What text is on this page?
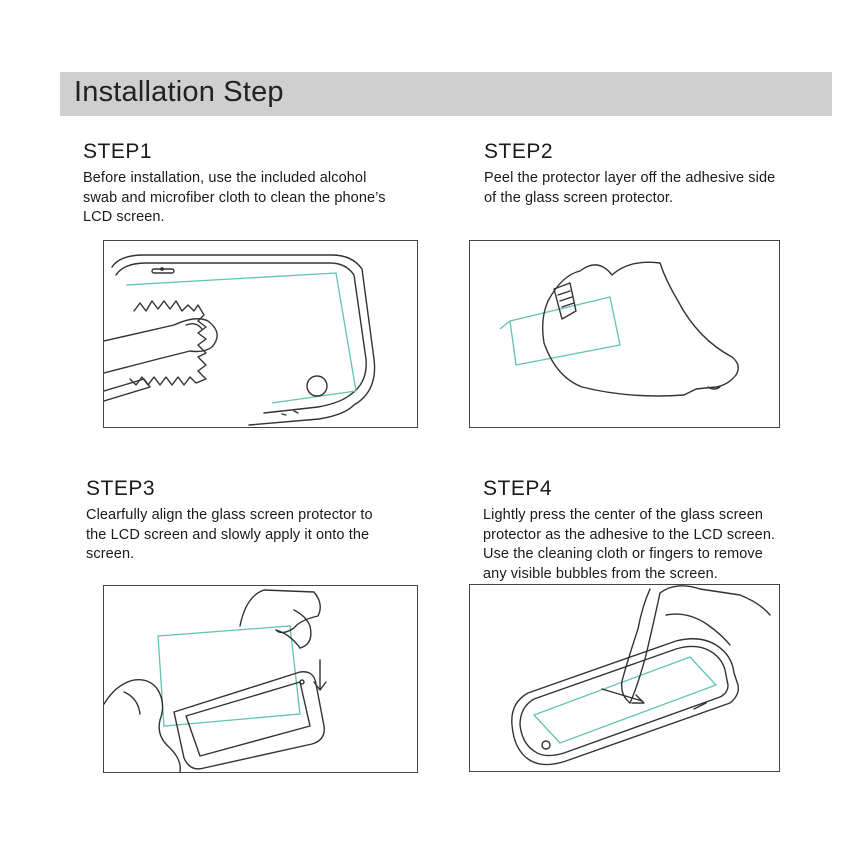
Installation Step
STEP1
Before installation, use the included alcohol
swab and microfiber cloth to clean the phone’s
LCD screen.
STEP2
Peel the protector layer off the adhesive side
of the glass screen protector.
STEP3
Clearfully align the glass screen protector to
the LCD screen and slowly apply it onto the
screen.
STEP4
Lightly press the center of the glass screen
protector as the adhesive to the LCD screen.
Use the cleaning cloth or fingers to remove
any visible bubbles from the screen.
